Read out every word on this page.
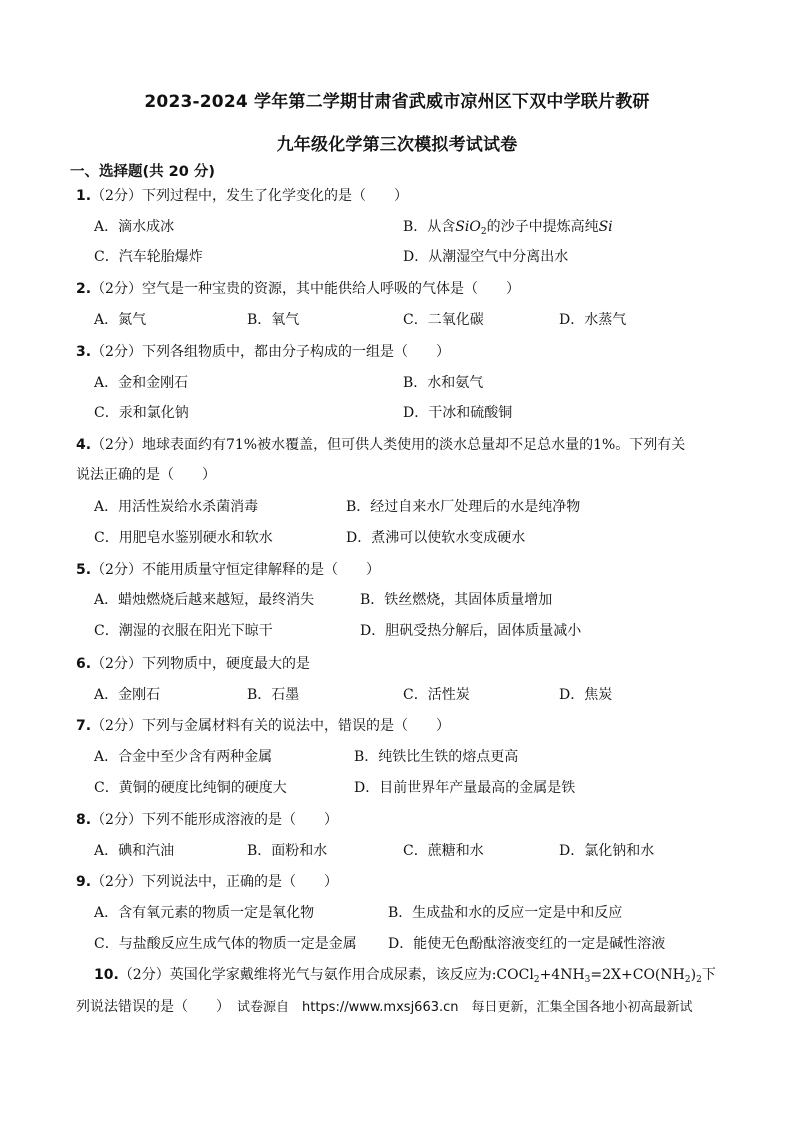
2023-2024 学年第二学期甘肃省武威市凉州区下双中学联片教研
九年级化学第三次模拟考试试卷
一、选择题(共 20 分)
1.（2分）下列过程中，发生了化学变化的是（　　）
A．滴水成冰	B．从含SiO$_2$的沙子中提炼高纯Si
C．汽车轮胎爆炸	D．从潮湿空气中分离出水
2.（2分）空气是一种宝贵的资源，其中能供给人呼吸的气体是（　　）
A．氮气	B．氧气	C．二氧化碳	D．水蒸气
3.（2分）下列各组物质中，都由分子构成的一组是（　　）
A．金和金刚石	B．水和氨气
C．汞和氯化钠	D．干冰和硫酸铜
4.（2分）地球表面约有71%被水覆盖，但可供人类使用的淡水总量却不足总水量的1%。下列有关
说法正确的是（　　）
A．用活性炭给水杀菌消毒	B．经过自来水厂处理后的水是纯净物
C．用肥皂水鉴别硬水和软水	D．煮沸可以使软水变成硬水
5.（2分）不能用质量守恒定律解释的是（　　）
A．蜡烛燃烧后越来越短，最终消失	B．铁丝燃烧，其固体质量增加
C．潮湿的衣服在阳光下晾干	D．胆矾受热分解后，固体质量减小
6.（2分）下列物质中，硬度最大的是
A．金刚石	B．石墨	C．活性炭	D．焦炭
7.（2分）下列与金属材料有关的说法中，错误的是（　　）
A．合金中至少含有两种金属	B．纯铁比生铁的熔点更高
C．黄铜的硬度比纯铜的硬度大	D．目前世界年产量最高的金属是铁
8.（2分）下列不能形成溶液的是（　　）
A．碘和汽油	B．面粉和水	C．蔗糖和水	D．氯化钠和水
9.（2分）下列说法中，正确的是（　　）
A．含有氧元素的物质一定是氧化物	B．生成盐和水的反应一定是中和反应
C．与盐酸反应生成气体的物质一定是金属 D．能使无色酚酞溶液变红的一定是碱性溶液
10.（2分）英国化学家戴维将光气与氨作用合成尿素，该反应为$:COCl_2+4NH_3=2X+CO(NH_2)_2$下
列说法错误的是（　　）　 试卷源自　https://www.mxsj663.cn　每日更新，汇集全国各地小初高最新试
